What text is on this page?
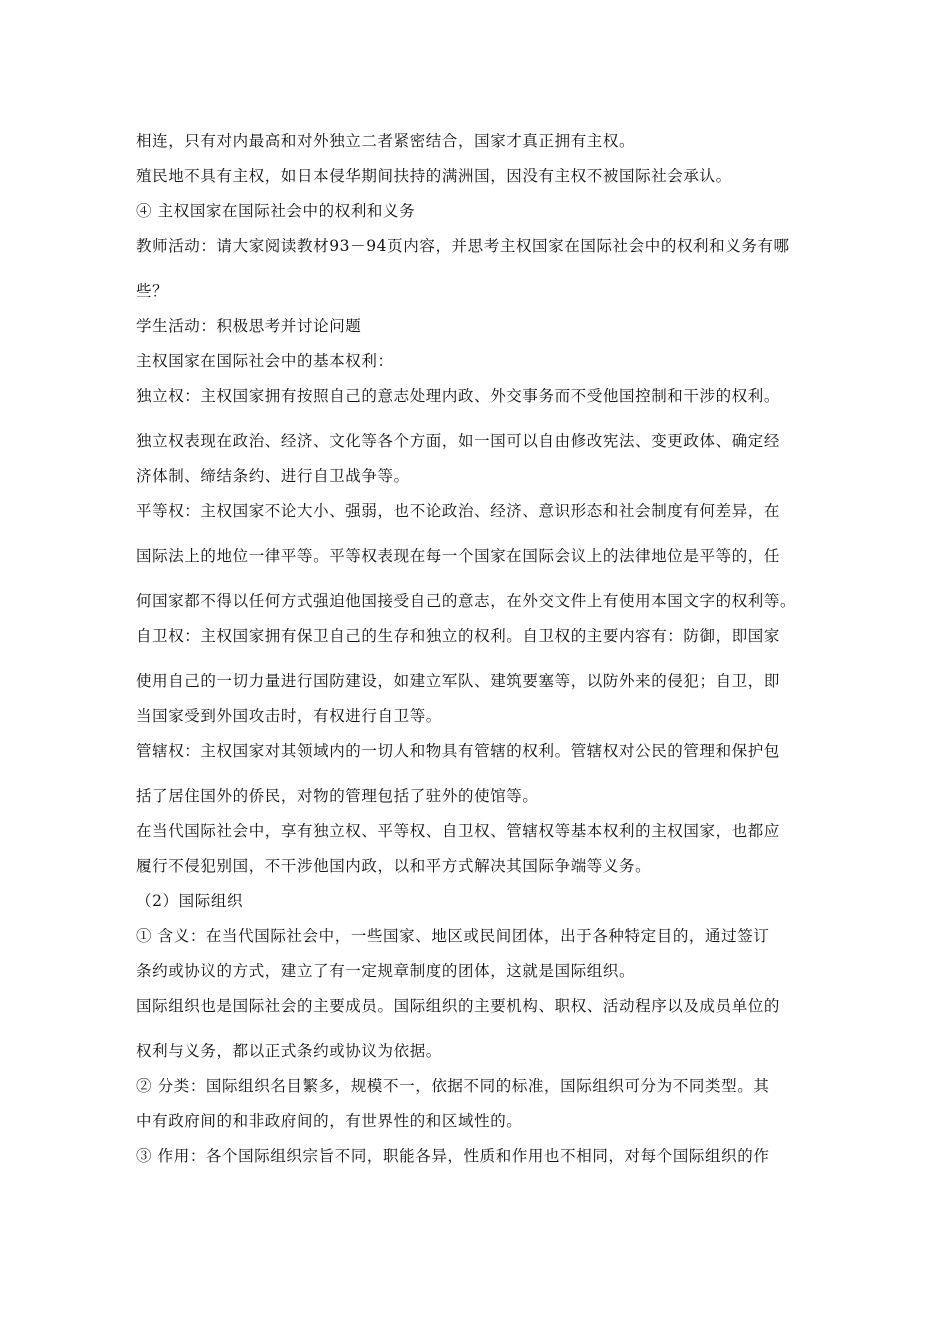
相连，只有对内最高和对外独立二者紧密结合，国家才真正拥有主权。
殖民地不具有主权，如日本侵华期间扶持的满洲国，因没有主权不被国际社会承认。
④ 主权国家在国际社会中的权利和义务
教师活动：请大家阅读教材93－94页内容，并思考主权国家在国际社会中的权利和义务有哪
些？
学生活动：积极思考并讨论问题
主权国家在国际社会中的基本权利：
独立权：主权国家拥有按照自己的意志处理内政、外交事务而不受他国控制和干涉的权利。
独立权表现在政治、经济、文化等各个方面，如一国可以自由修改宪法、变更政体、确定经
济体制、缔结条约、进行自卫战争等。
平等权：主权国家不论大小、强弱，也不论政治、经济、意识形态和社会制度有何差异，在
国际法上的地位一律平等。平等权表现在每一个国家在国际会议上的法律地位是平等的，任
何国家都不得以任何方式强迫他国接受自己的意志，在外交文件上有使用本国文字的权利等。
自卫权：主权国家拥有保卫自己的生存和独立的权利。自卫权的主要内容有：防御，即国家
使用自己的一切力量进行国防建设，如建立军队、建筑要塞等，以防外来的侵犯；自卫，即
当国家受到外国攻击时，有权进行自卫等。
管辖权：主权国家对其领域内的一切人和物具有管辖的权利。管辖权对公民的管理和保护包
括了居住国外的侨民，对物的管理包括了驻外的使馆等。
在当代国际社会中，享有独立权、平等权、自卫权、管辖权等基本权利的主权国家，也都应
履行不侵犯别国，不干涉他国内政，以和平方式解决其国际争端等义务。
（2）国际组织
① 含义：在当代国际社会中，一些国家、地区或民间团体，出于各种特定目的，通过签订
条约或协议的方式，建立了有一定规章制度的团体，这就是国际组织。
国际组织也是国际社会的主要成员。国际组织的主要机构、职权、活动程序以及成员单位的
权利与义务，都以正式条约或协议为依据。
② 分类：国际组织名目繁多，规模不一，依据不同的标准，国际组织可分为不同类型。其
中有政府间的和非政府间的，有世界性的和区域性的。
③ 作用：各个国际组织宗旨不同，职能各异，性质和作用也不相同，对每个国际组织的作
